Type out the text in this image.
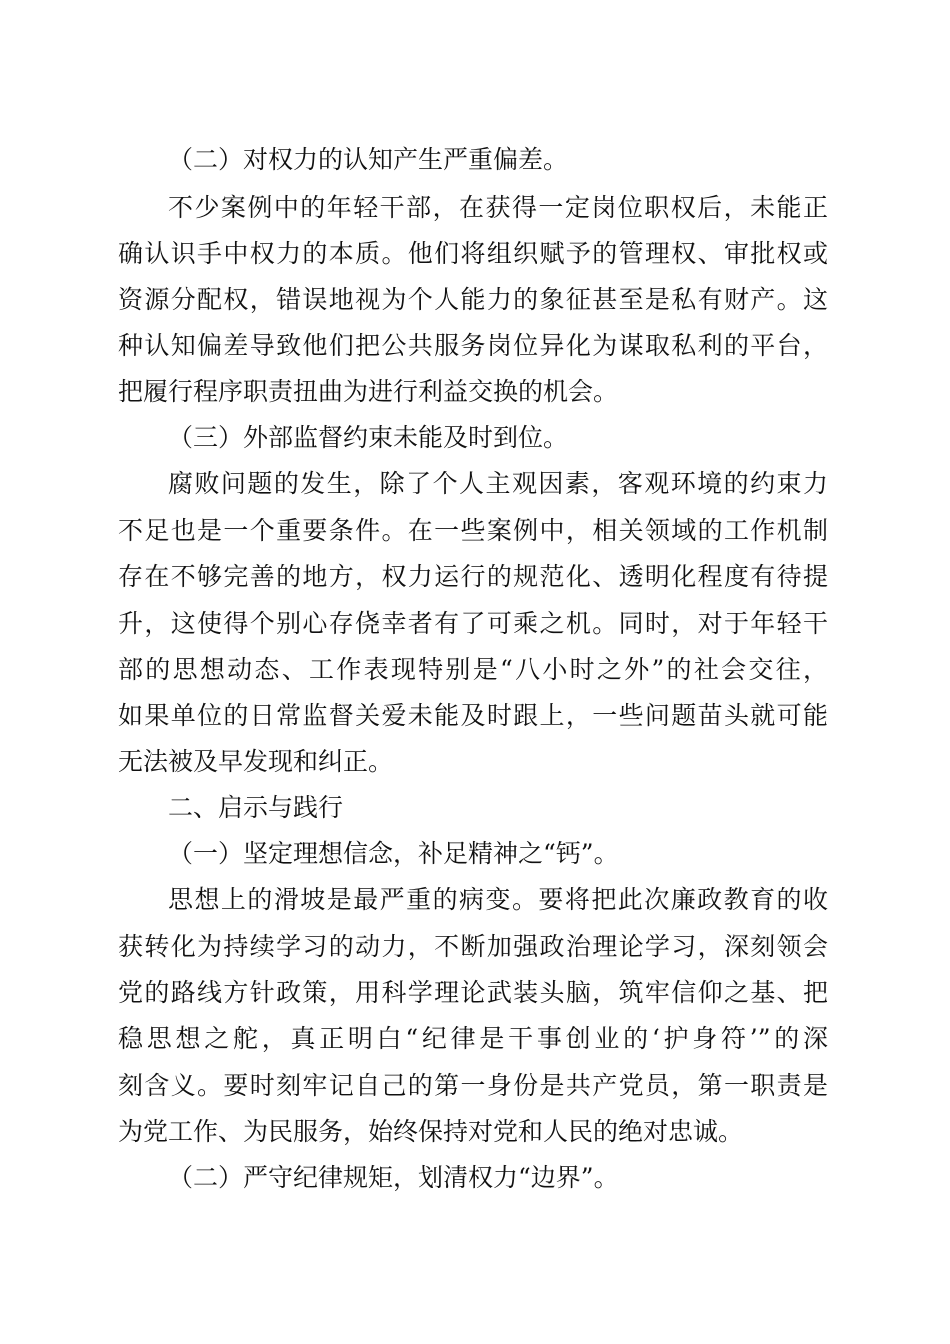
（二）对权力的认知产生严重偏差。
不少案例中的年轻干部，在获得一定岗位职权后，未能正
确认识手中权力的本质。他们将组织赋予的管理权、审批权或
资源分配权，错误地视为个人能力的象征甚至是私有财产。这
种认知偏差导致他们把公共服务岗位异化为谋取私利的平台，
把履行程序职责扭曲为进行利益交换的机会。
（三）外部监督约束未能及时到位。
腐败问题的发生，除了个人主观因素，客观环境的约束力
不足也是一个重要条件。在一些案例中，相关领域的工作机制
存在不够完善的地方，权力运行的规范化、透明化程度有待提
升，这使得个别心存侥幸者有了可乘之机。同时，对于年轻干
部的思想动态、工作表现特别是“八小时之外”的社会交往，
如果单位的日常监督关爱未能及时跟上，一些问题苗头就可能
无法被及早发现和纠正。
二、启示与践行
（一）坚定理想信念，补足精神之“钙”。
思想上的滑坡是最严重的病变。要将把此次廉政教育的收
获转化为持续学习的动力，不断加强政治理论学习，深刻领会
党的路线方针政策，用科学理论武装头脑，筑牢信仰之基、把
稳思想之舵，真正明白“纪律是干事创业的‘护身符’”的深
刻含义。要时刻牢记自己的第一身份是共产党员，第一职责是
为党工作、为民服务，始终保持对党和人民的绝对忠诚。
（二）严守纪律规矩，划清权力“边界”。
